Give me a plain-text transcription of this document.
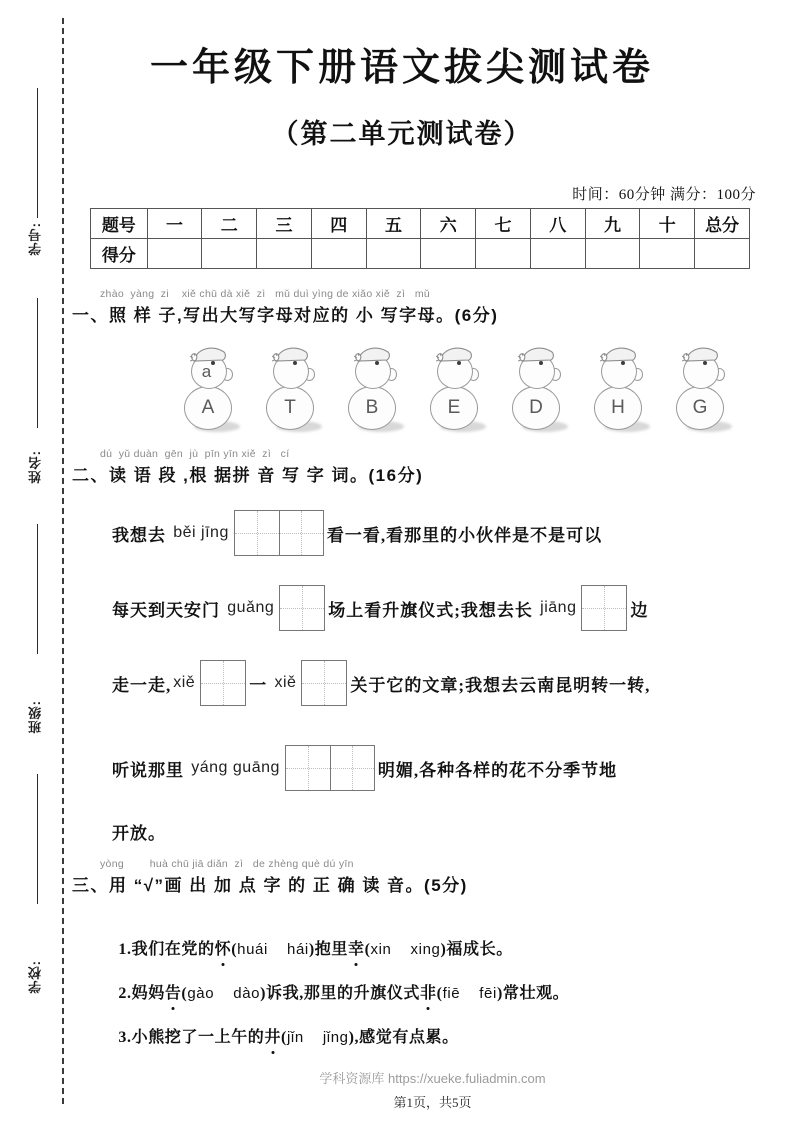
学号:
姓名:
班级:
学校:
一年级下册语文拔尖测试卷
（第二单元测试卷）
时间：60分钟 满分：100分
题号	一	二	三	四	五	六	七	八	九	十	总分
得分											
zhào  yàng  zi    xiě chū dà xiě  zì   mǔ duì yìng de xiǎo xiě  zì   mǔ
一、照 样 子,写出大写字母对应的 小 写字母。(6分)
A
a
T	B	E	D	H	G
dú  yǔ duàn  gēn  jù  pīn yīn xiě  zì   cí
二、读 语 段 ,根 据拼 音 写 字 词。(16分)
我想去 běi jīng	看一看,看那里的小伙伴是不是可以
每天到天安门 guǎng	场上看升旗仪式;我想去长 jiāng	边
走一走, xiě	一 xiě	关于它的文章;我想去云南昆明转一转,
听说那里 yáng guāng	明媚,各种各样的花不分季节地
开放。
yòng        huà chū jiā diǎn  zì   de zhèng què dú yīn
三、用 “√”画 出 加 点 字 的 正 确 读 音。(5分)

1.我们在党的怀(huái    hái)抱里幸(xin    xing)福成长。

2.妈妈告(gào    dào)诉我,那里的升旗仪式非(fiē    fēi)常壮观。

3.小熊挖了一上午的井(jǐn    jǐng),感觉有点累。

学科资源库 https://xueke.fuliadmin.com
第1页，共5页
